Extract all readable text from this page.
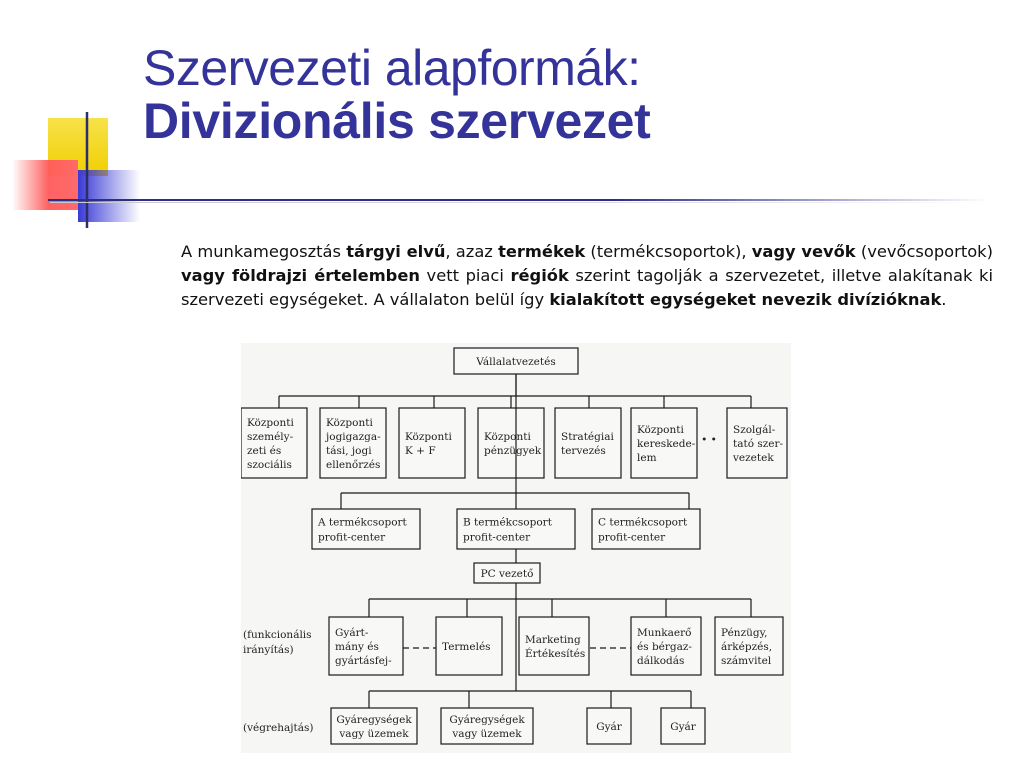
Szervezeti alapformák:
Divizionális szervezet
A munkamegosztás tárgyi elvű, azaz termékek (termékcsoportok), vagy vevők (vevőcsoportok) vagy földrajzi értelemben vett piaci régiók szerint tagolják a szervezetet, illetve alakítanak ki szervezeti egységeket. A vállalaton belül így kialakított egységeket nevezik divízióknak.
Vállalatvezetés
Központi
személy-
zeti és
szociális
Központi
jogigazga-
tási, jogi
ellenőrzés
Központi
K + F
Központi
pénzügyek
Stratégiai
tervezés
Központi
kereskede-
lem
Szolgál-
tató szer-
vezetek
• •
A termékcsoport
profit-center
B termékcsoport
profit-center
C termékcsoport
profit-center
PC vezető
Gyárt-
mány és
gyártásfej-
Termelés
Marketing
Értékesítés
Munkaerő
és bérgaz-
dálkodás
Pénzügy,
árképzés,
számvitel
(funkcionális
irányítás)
(végrehajtás)
Gyáregységek
vagy üzemek
Gyáregységek
vagy üzemek
Gyár	Gyár
